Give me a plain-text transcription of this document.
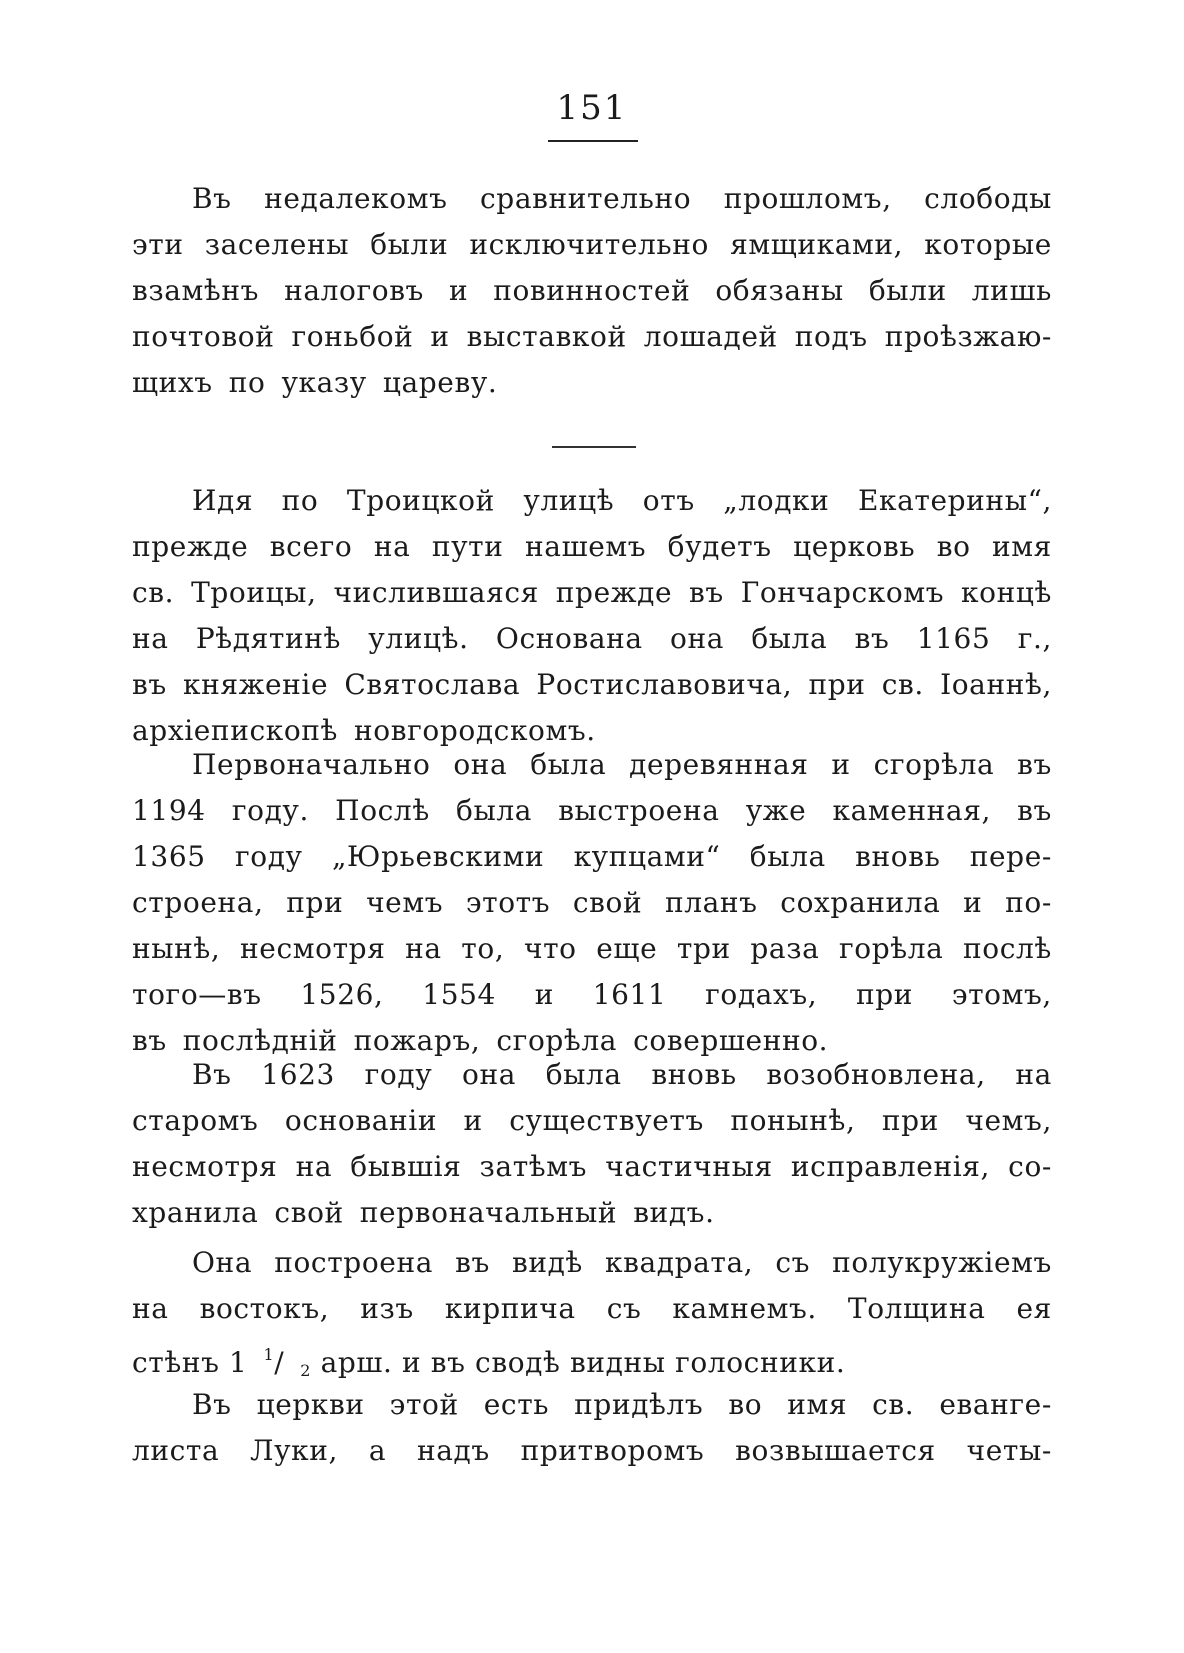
151
Въ недалекомъ сравнительно прошломъ, слободы
эти заселены были исключительно ямщиками, которые
взамѣнъ налоговъ и повинностей обязаны были лишь
почтовой гоньбой и выставкой лошадей подъ проѣзжаю-
щихъ по указу цареву.
Идя по Троицкой улицѣ отъ „лодки Екатерины“,
прежде всего на пути нашемъ будетъ церковь во имя
св. Троицы, числившаяся прежде въ Гончарскомъ концѣ
на Рѣдятинѣ улицѣ. Основана она была въ 1165 г.,
въ княженіе Святослава Ростиславовича, при св. Іоаннѣ,
архіепископѣ новгородскомъ.
Первоначально она была деревянная и сгорѣла въ
1194 году. Послѣ была выстроена уже каменная, въ
1365 году „Юрьевскими купцами“ была вновь пере-
строена, при чемъ этотъ свой планъ сохранила и по-
нынѣ, несмотря на то, что еще три раза горѣла послѣ
того—въ 1526, 1554 и 1611 годахъ, при этомъ,
въ послѣдній пожаръ, сгорѣла совершенно.
Въ 1623 году она была вновь возобновлена, на
старомъ основаніи и существуетъ понынѣ, при чемъ,
несмотря на бывшія затѣмъ частичныя исправленія, со-
хранила свой первоначальный видъ.
Она построена въ видѣ квадрата, съ полукружіемъ
на востокъ, изъ кирпича съ камнемъ. Толщина ея
стѣнъ 1 $^1$/ $_2$ арш. и въ сводѣ видны голосники.
Въ церкви этой есть придѣлъ во имя св. еванге-
листа Луки, а надъ притворомъ возвышается четы-
